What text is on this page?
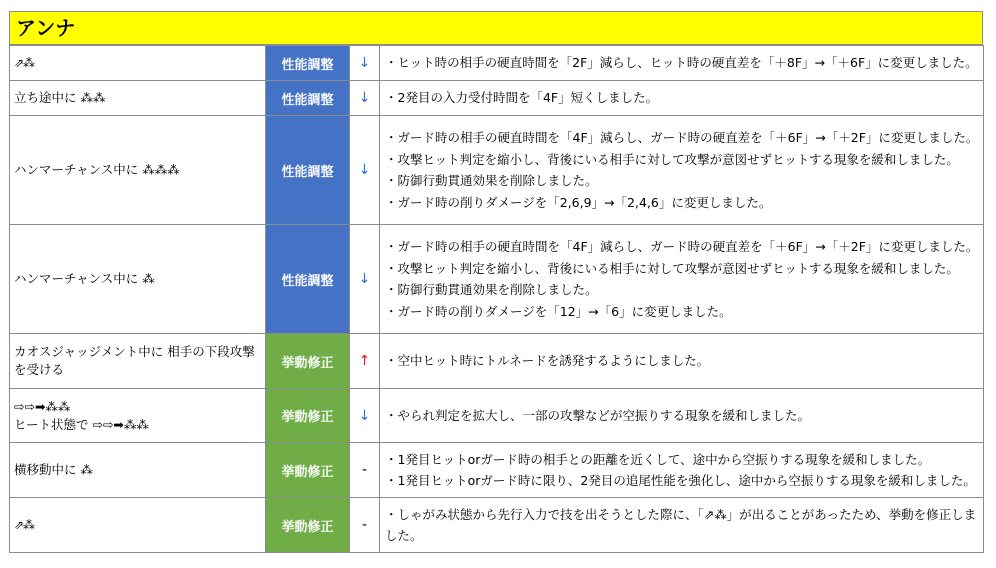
アンナ
⇗⁂	性能調整	↓	・ヒット時の相手の硬直時間を「2F」減らし、ヒット時の硬直差を「＋8F」→「＋6F」に変更しました。

立ち途中に ⁂⁂	性能調整	↓	・2発目の入力受付時間を「4F」短くしました。

ハンマーチャンス中に ⁂⁂⁂	性能調整	↓	・ガード時の相手の硬直時間を「4F」減らし、ガード時の硬直差を「＋6F」→「＋2F」に変更しました。
・攻撃ヒット判定を縮小し、背後にいる相手に対して攻撃が意図せずヒットする現象を緩和しました。
・防御行動貫通効果を削除しました。
・ガード時の削りダメージを「2,6,9」→「2,4,6」に変更しました。

ハンマーチャンス中に ⁂	性能調整	↓	・ガード時の相手の硬直時間を「4F」減らし、ガード時の硬直差を「＋6F」→「＋2F」に変更しました。
・攻撃ヒット判定を縮小し、背後にいる相手に対して攻撃が意図せずヒットする現象を緩和しました。
・防御行動貫通効果を削除しました。
・ガード時の削りダメージを「12」→「6」に変更しました。

カオスジャッジメント中に 相手の下段攻撃
を受ける	挙動修正	↑	・空中ヒット時にトルネードを誘発するようにしました。

⇨⇨➡⁂⁂
ヒート状態で ⇨⇨➡⁂⁂	挙動修正	↓	・やられ判定を拡大し、一部の攻撃などが空振りする現象を緩和しました。

横移動中に ⁂	挙動修正	-	・1発目ヒットorガード時の相手との距離を近くして、途中から空振りする現象を緩和しました。
・1発目ヒットorガード時に限り、2発目の追尾性能を強化し、途中から空振りする現象を緩和しました。

⇗⁂	挙動修正	-	・しゃがみ状態から先行入力で技を出そうとした際に、「⇗⁂」が出ることがあったため、挙動を修正しました。
